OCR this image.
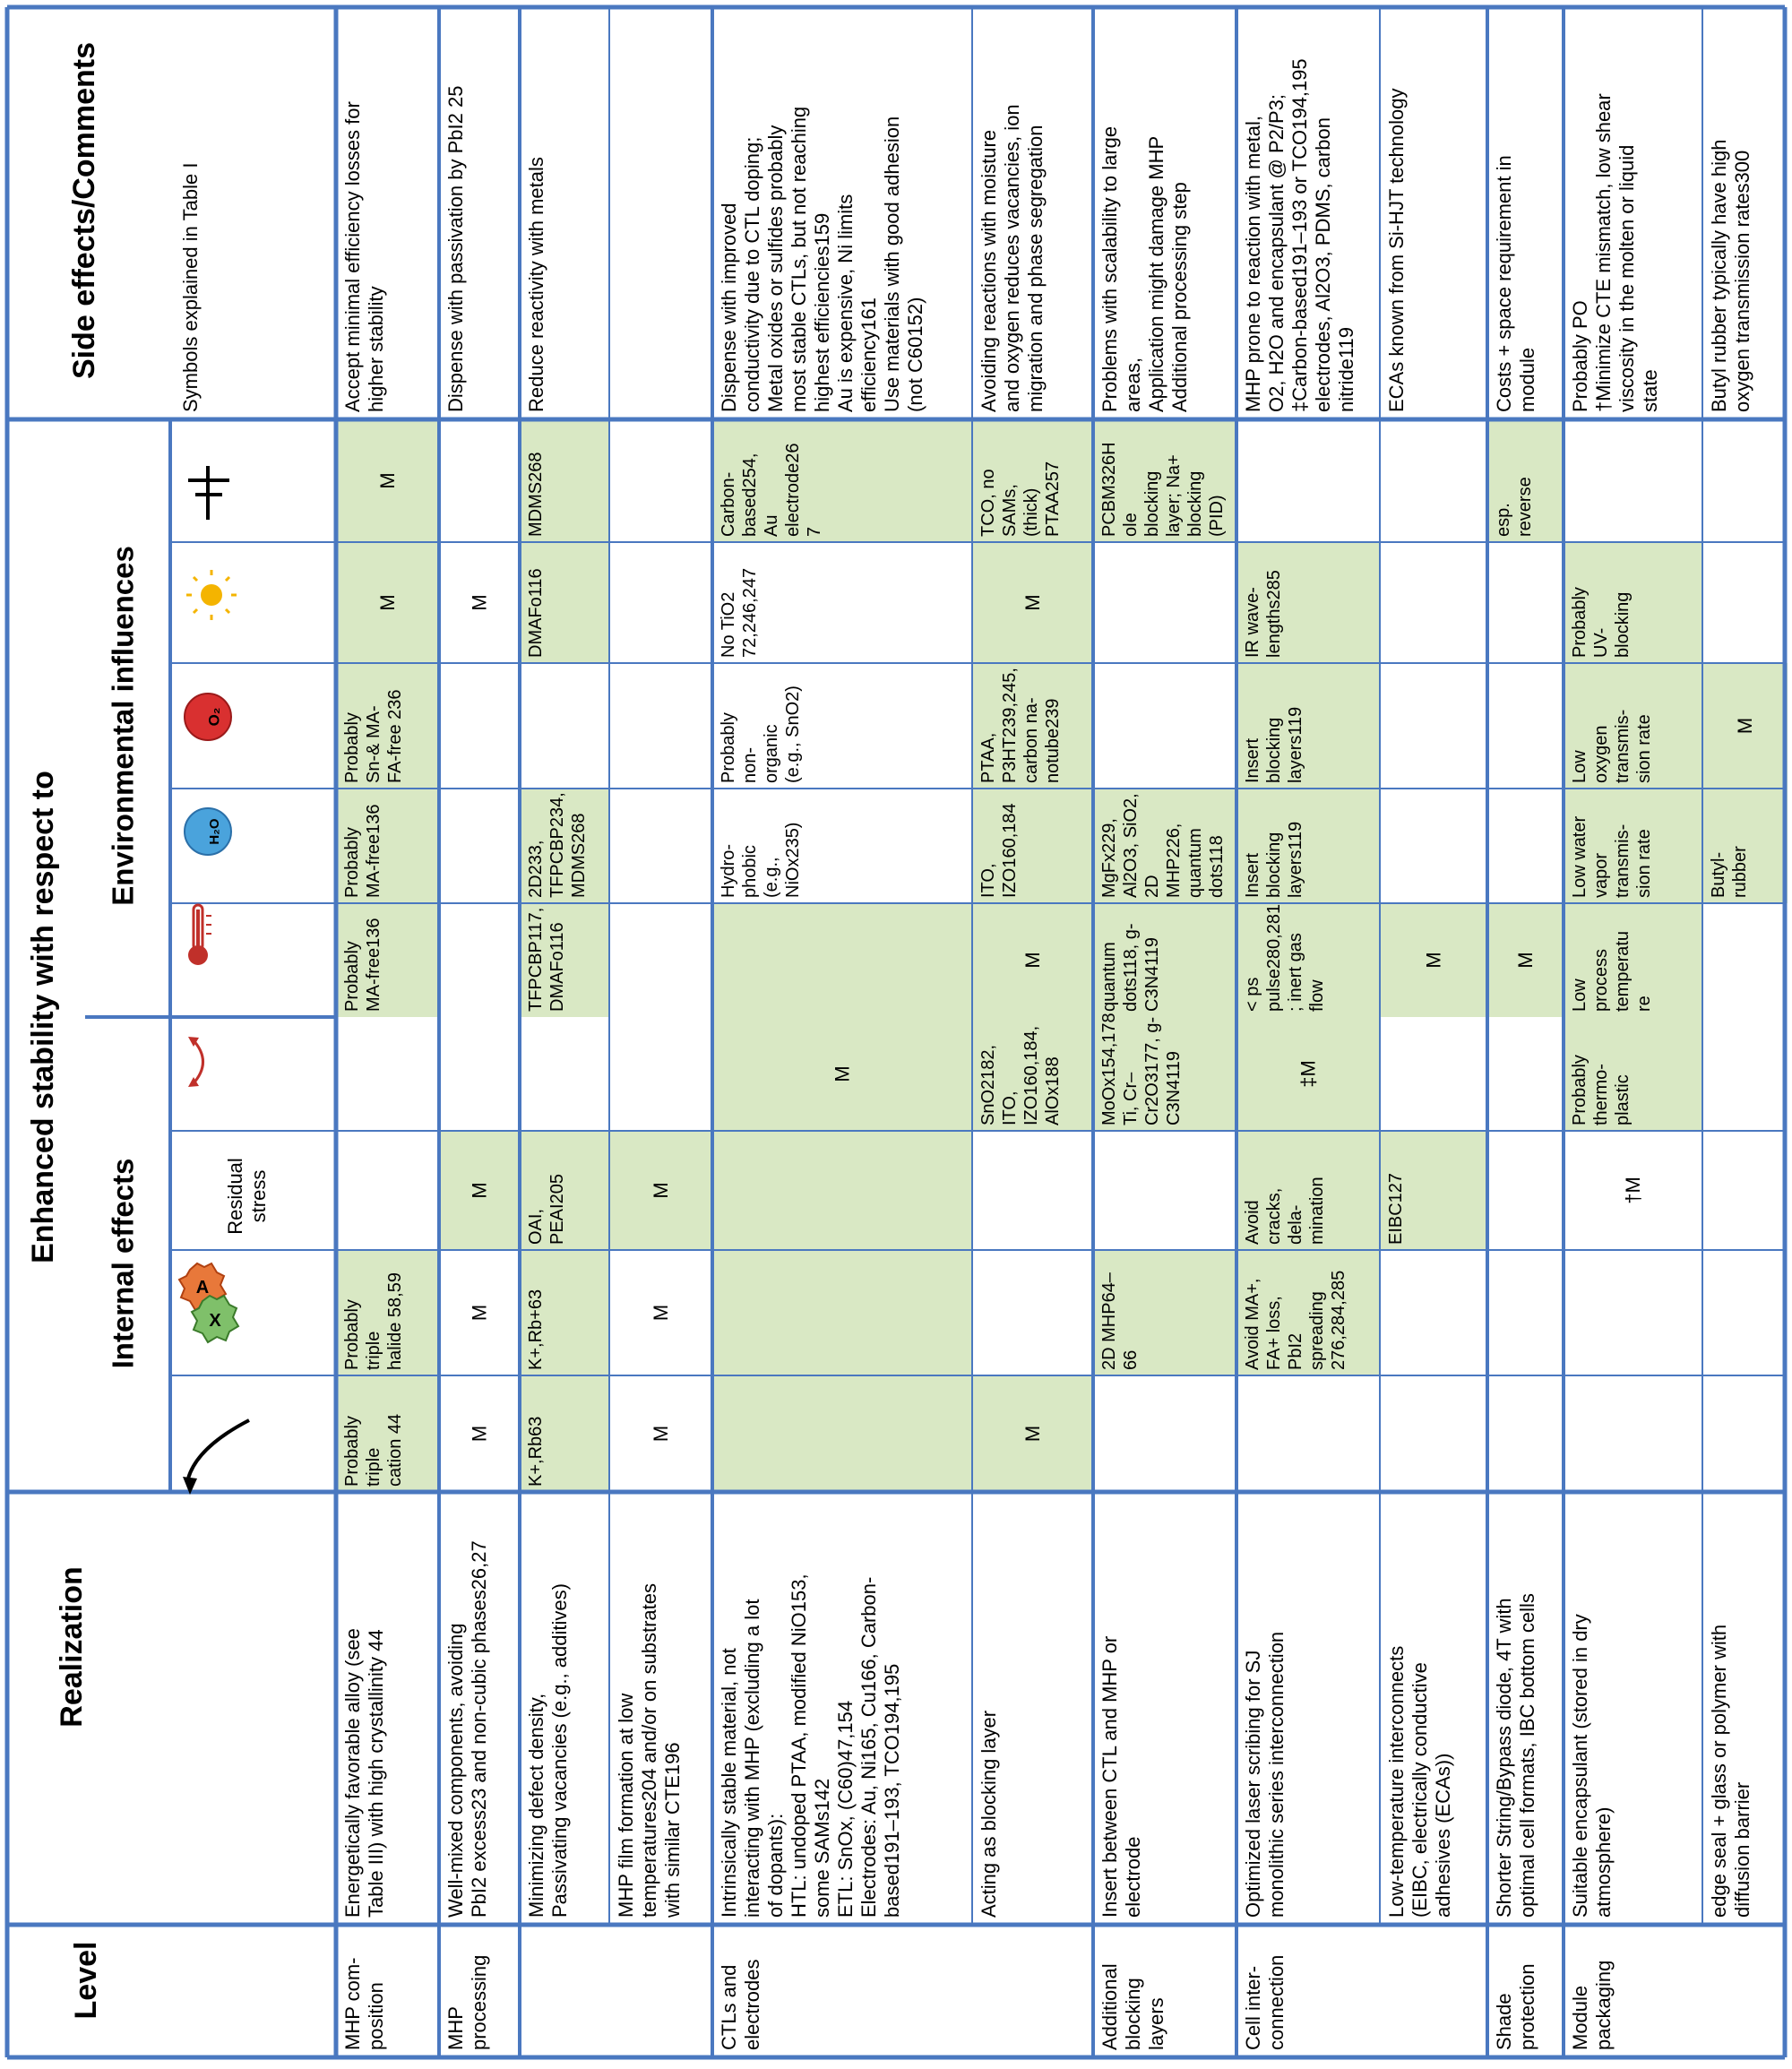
Level
Realization
Enhanced stability with respect to
Internal effects
Environmental influences
Side effects/Comments
A
X
Residualstress
H₂O
O₂
Symbols explained in Table I
MHP com-position
Energetically favorable alloy (seeTable III) with high crystallinity 44
Probably triple cation 44
Probably triple halide 58,59
Probably MA-free136
Probably MA-free136
Probably Sn-& MA- FA-free 236
M
M
Accept minimal efficiency losses forhigher stability
MHPprocessing
Well-mixed components, avoidingPbI2 excess23 and non-cubic phases26,27
M
M
M
M
Dispense with passivation by PbI2 25
Minimizing defect density,Passivating vacancies (e.g., additives)
K+,Rb63
K+,Rb+63
OAI, PEAI205
TFPCBP117, DMAFo116
2D233, TFPCBP234, MDMS268
DMAFo116
MDMS268
Reduce reactivity with metals
MHP film formation at lowtemperatures204 and/or on substrateswith similar CTE196
M
M
M
CTLs andelectrodes
Intrinsically stable material, notinteracting with MHP (excluding a lotof dopants):HTL: undoped PTAA, modified NiO153,some SAMs142ETL: SnOx, (C60)47,154Electrodes: Au, Ni165, Cu166, Carbon-based191–193, TCO194,195
M
Hydro- phobic (e.g., NiOx235)
Probably non- organic (e.g., SnO2)
No TiO2 72,246,247
Carbon- based254, Au electrode26 7
Dispense with improvedconductivity due to CTL doping;Metal oxides or sulfides probablymost stable CTLs, but not reachinghighest efficiencies159Au is expensive, Ni limitsefficiency161Use materials with good adhesion(not C60152)
Acting as blocking layer
M
SnO2182, ITO, IZO160,184, AlOx188
M
ITO, IZO160,184
PTAA, P3HT239,245, carbon na- notube239
M
TCO, no SAMs, (thick) PTAA257
Avoiding reactions with moistureand oxygen reduces vacancies, ionmigration and phase segregation
Additionalblockinglayers
Insert between CTL and MHP orelectrode
2D MHP64– 66
MoOx154,178 Ti, Cr– Cr2O3177, g- C3N4119
quantum dots118, g- C3N4119
MgFx229, Al2O3, SiO2, 2D MHP226, quantum dots118
PCBM326H ole blocking layer; Na+ blocking (PID)
Problems with scalability to largeareas,Application might damage MHPAdditional processing step
Cell inter-connection
Optimized laser scribing for SJmonolithic series interconnection
Avoid MA+, FA+ loss, PbI2 spreading 276,284,285
Avoid cracks, dela- mination
‡M
< ps pulse280,281 ; inert gas flow
Insert blocking layers119
Insert blocking layers119
IR wave- lengths285
MHP prone to reaction with metal,O2, H2O and encapsulant @ P2/P3;‡Carbon-based191–193 or TCO194,195electrodes, Al2O3, PDMS, carbonnitride119
Low-temperature interconnects(EIBC, electrically conductiveadhesives (ECAs))
EIBC127
M
ECAs known from Si-HJT technology
Shadeprotection
Shorter String/Bypass diode, 4T withoptimal cell formats, IBC bottom cells
M
esp. reverse
Costs + space requirement inmodule
Modulepackaging
Suitable encapsulant (stored in dryatmosphere)
†M
Probably thermo- plastic
Low process temperatu re
Low water vapor transmis- sion rate
Low oxygen transmis- sion rate
Probably UV- blocking
Probably PO†Minimize CTE mismatch, low shearviscosity in the molten or liquidstate
edge seal + glass or polymer withdiffusion barrier
Butyl- rubber
M
Butyl rubber typically have highoxygen transmission rates300
